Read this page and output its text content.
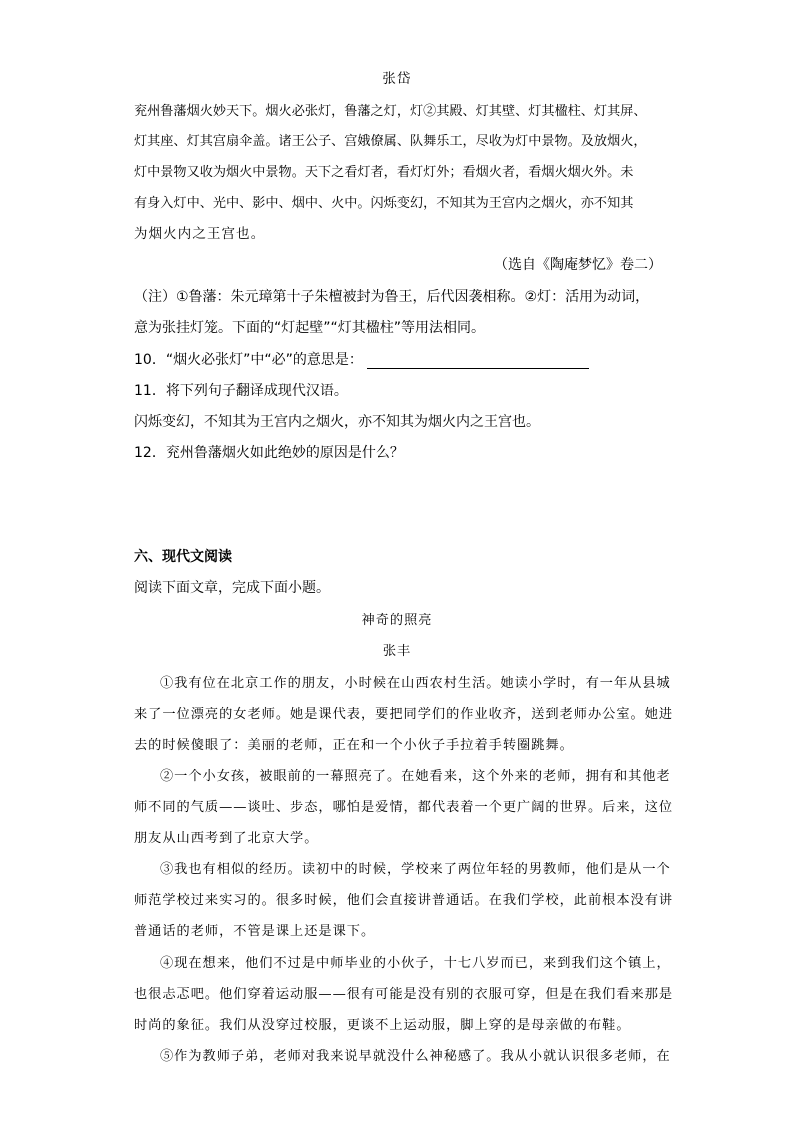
张岱
兖州鲁藩烟火妙天下。烟火必张灯，鲁藩之灯，灯②其殿、灯其壁、灯其楹柱、灯其屏、
灯其座、灯其宫扇伞盖。诸王公子、宫娥僚属、队舞乐工，尽收为灯中景物。及放烟火，
灯中景物又收为烟火中景物。天下之看灯者，看灯灯外；看烟火者，看烟火烟火外。未
有身入灯中、光中、影中、烟中、火中。闪烁变幻，不知其为王宫内之烟火，亦不知其
为烟火内之王宫也。
（选自《陶庵梦忆》卷二）
（注）①鲁藩：朱元璋第十子朱檀被封为鲁王，后代因袭相称。②灯：活用为动词，
意为张挂灯笼。下面的“灯起壁”“灯其楹柱”等用法相同。
10．“烟火必张灯”中“必”的意思是：
11．将下列句子翻译成现代汉语。
闪烁变幻，不知其为王宫内之烟火，亦不知其为烟火内之王宫也。
12．兖州鲁藩烟火如此绝妙的原因是什么？
六、现代文阅读
阅读下面文章，完成下面小题。
神奇的照亮
张丰
①我有位在北京工作的朋友，小时候在山西农村生活。她读小学时，有一年从县城
来了一位漂亮的女老师。她是课代表，要把同学们的作业收齐，送到老师办公室。她进
去的时候傻眼了：美丽的老师，正在和一个小伙子手拉着手转圈跳舞。
②一个小女孩，被眼前的一幕照亮了。在她看来，这个外来的老师，拥有和其他老
师不同的气质——谈吐、步态，哪怕是爱情，都代表着一个更广阔的世界。后来，这位
朋友从山西考到了北京大学。
③我也有相似的经历。读初中的时候，学校来了两位年轻的男教师，他们是从一个
师范学校过来实习的。很多时候，他们会直接讲普通话。在我们学校，此前根本没有讲
普通话的老师，不管是课上还是课下。
④现在想来，他们不过是中师毕业的小伙子，十七八岁而已，来到我们这个镇上，
也很忐忑吧。他们穿着运动服——很有可能是没有别的衣服可穿，但是在我们看来那是
时尚的象征。我们从没穿过校服，更谈不上运动服，脚上穿的是母亲做的布鞋。
⑤作为教师子弟，老师对我来说早就没什么神秘感了。我从小就认识很多老师，在
